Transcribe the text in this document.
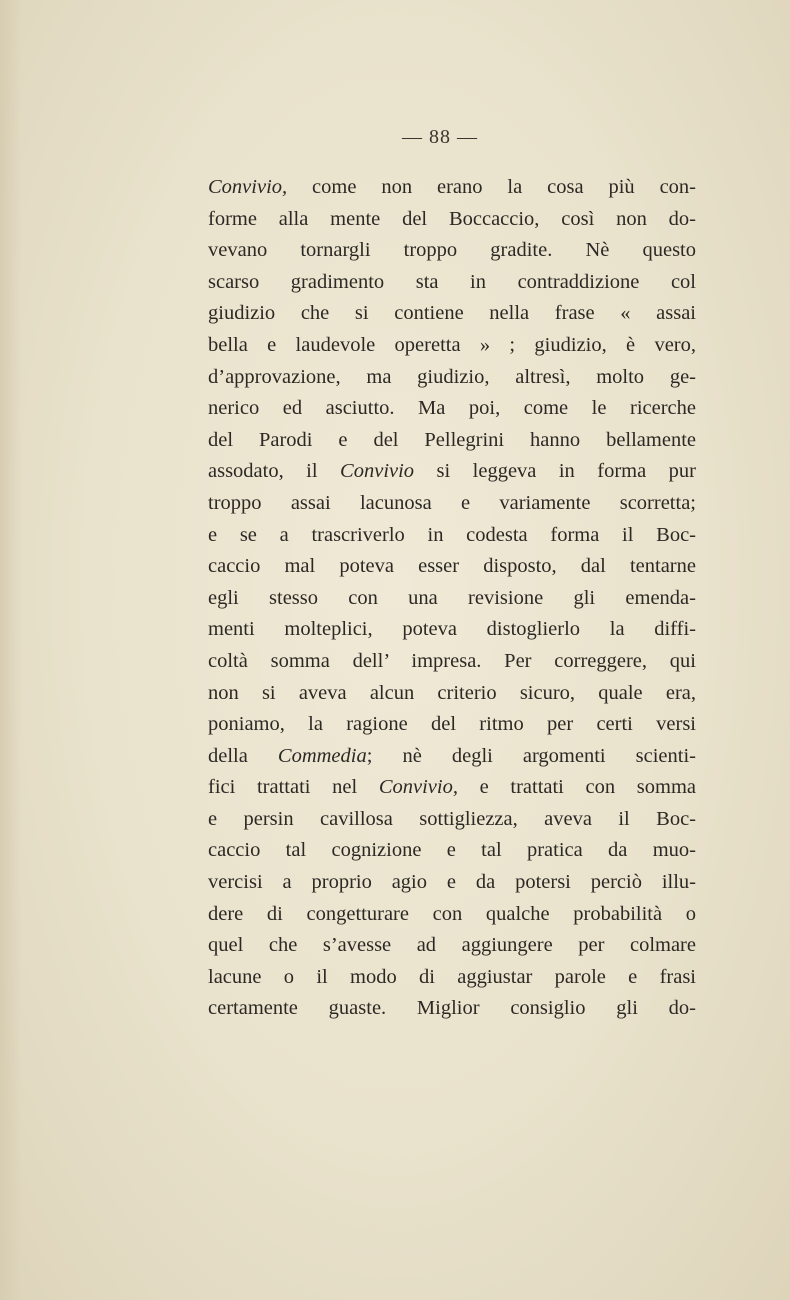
— 88 —
Convivio, come non erano la cosa più con-
forme alla mente del Boccaccio, così non do-
vevano tornargli troppo gradite. Nè questo
scarso gradimento sta in contraddizione col
giudizio che si contiene nella frase « assai
bella e laudevole operetta » ; giudizio, è vero,
d’approvazione, ma giudizio, altresì, molto ge-
nerico ed asciutto. Ma poi, come le ricerche
del Parodi e del Pellegrini hanno bellamente
assodato, il Convivio si leggeva in forma pur
troppo assai lacunosa e variamente scorretta;
e se a trascriverlo in codesta forma il Boc-
caccio mal poteva esser disposto, dal tentarne
egli stesso con una revisione gli emenda-
menti molteplici, poteva distoglierlo la diffi-
coltà somma dell’ impresa. Per correggere, qui
non si aveva alcun criterio sicuro, quale era,
poniamo, la ragione del ritmo per certi versi
della Commedia; nè degli argomenti scienti-
fici trattati nel Convivio, e trattati con somma
e persin cavillosa sottigliezza, aveva il Boc-
caccio tal cognizione e tal pratica da muo-
vercisi a proprio agio e da potersi perciò illu-
dere di congetturare con qualche probabilità o
quel che s’avesse ad aggiungere per colmare
lacune o il modo di aggiustar parole e frasi
certamente guaste. Miglior consiglio gli do-
